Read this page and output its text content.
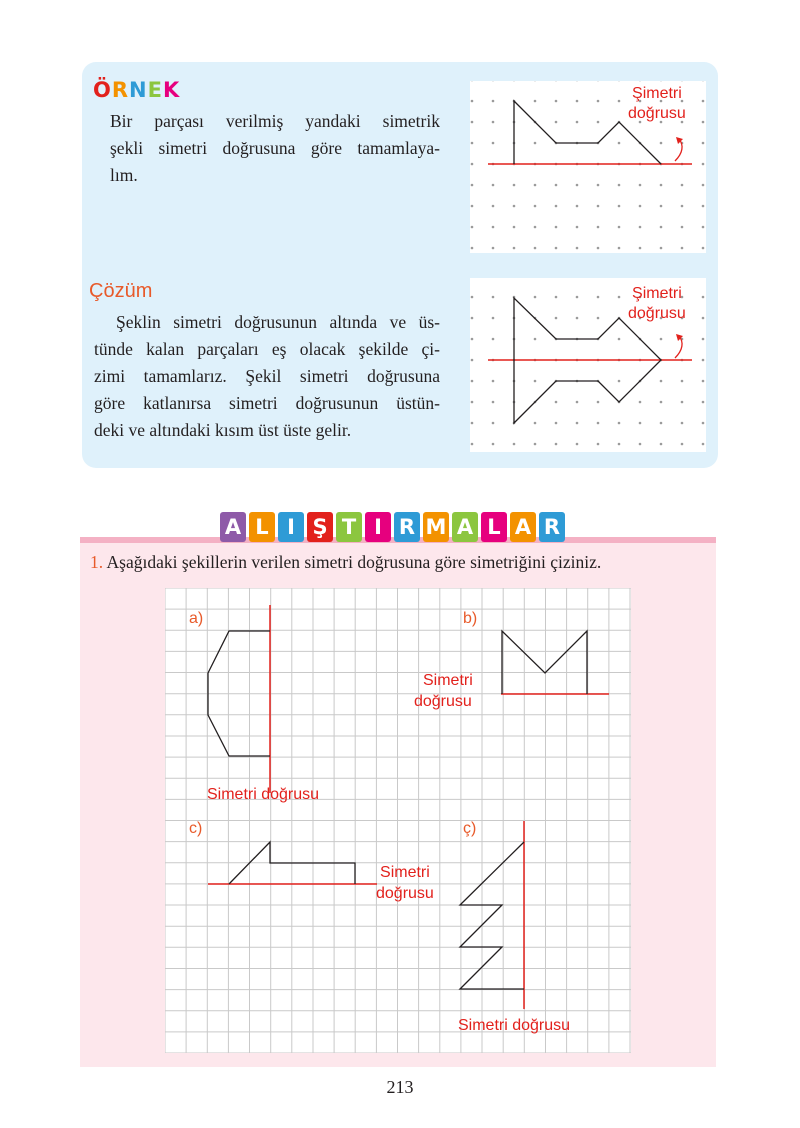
ÖRNEK
Bir parçası verilmiş yandaki simetrik
şekli simetri doğrusuna göre tamamlaya-
lım.
Çözüm
Şeklin simetri doğrusunun altında ve üs-
tünde kalan parçaları eş olacak şekilde çi-
zimi tamamlarız. Şekil simetri doğrusuna
göre katlanırsa simetri doğrusunun üstün-
deki ve altındaki kısım üst üste gelir.
Şimetri
doğrusu
Şimetri
doğrusu
A L I Ş T I R M A L A R
1. Aşağıdaki şekillerin verilen simetri doğrusuna göre simetriğini çiziniz.
a)	b)
c)	ç)
Simetri doğrusu
Simetri
doğrusu
Simetri
doğrusu
Simetri doğrusu
213
